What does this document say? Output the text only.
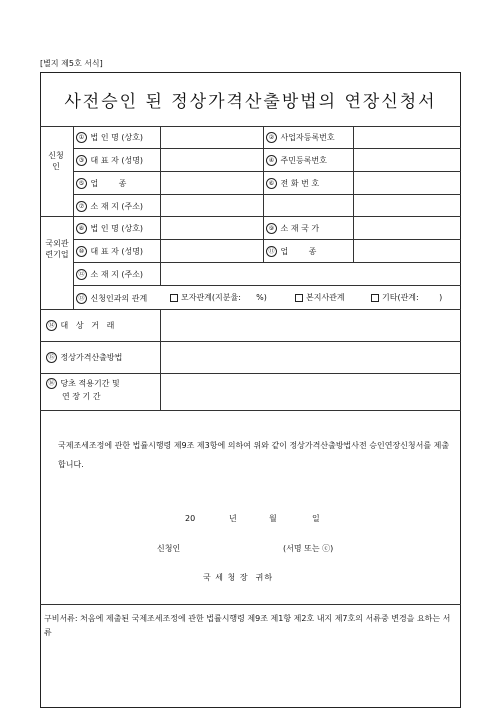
[별지 제5호 서식]
사전승인 된 정상가격산출방법의 연장신청서
신청인
① 법 인 명 (상호)	② 사업자등록번호
③ 대 표 자 (성명)	④ 주민등록번호
⑤ 업        종	⑥ 전 화 번 호
⑦ 소 재 지 (주소)
국외관련기업
⑧ 법 인 명 (상호)	⑨ 소 재 국 가
⑩ 대 표 자 (성명)	⑪ 업        종
⑫ 소 재 지 (주소)
⑬ 신청인과의 관계	모자관계(지분율:      %)	본지사관계	기타(관계:        )
⑭ 대   상   거   래
⑮ 정상가격산출방법
⑯ 당초 적용기간 및
연 장 기 간
국제조세조정에 관한 법률시행령 제9조 제3항에 의하여 위와 같이 정상가격산출방법사전 승인연장신청서를 제출합니다.
20	년	월	일
신청인	(서명 또는 ⓒ)
국 세 청 장  귀하
구비서류: 처음에 제출된 국제조세조정에 관한 법률시행령 제9조 제1항 제2호 내지 제7호의 서류중 변경을 요하는 서류
